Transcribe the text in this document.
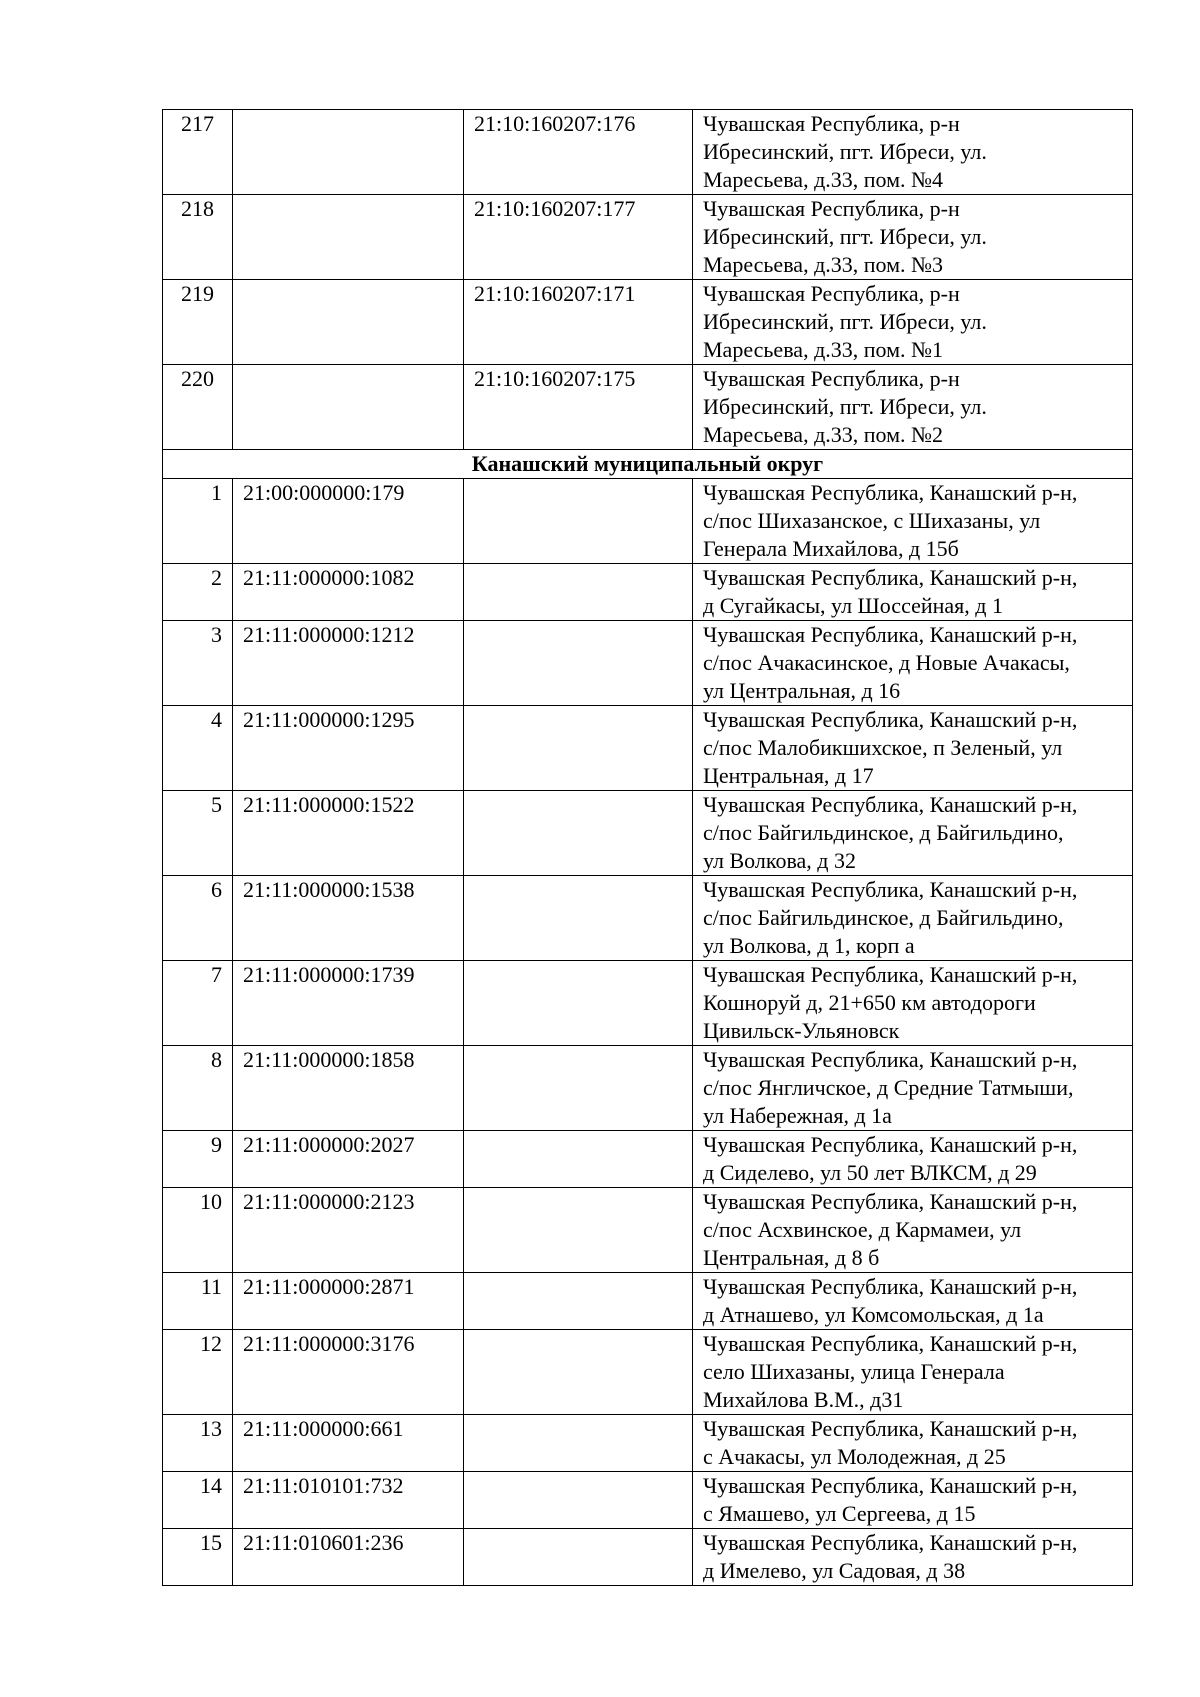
217		21:10:160207:176	Чувашская Республика, р-н
Ибресинский, пгт. Ибреси, ул.
Маресьева, д.33, пом. №4
218		21:10:160207:177	Чувашская Республика, р-н
Ибресинский, пгт. Ибреси, ул.
Маресьева, д.33, пом. №3
219		21:10:160207:171	Чувашская Республика, р-н
Ибресинский, пгт. Ибреси, ул.
Маресьева, д.33, пом. №1
220		21:10:160207:175	Чувашская Республика, р-н
Ибресинский, пгт. Ибреси, ул.
Маресьева, д.33, пом. №2
Канашский муниципальный округ			
1	21:00:000000:179		Чувашская Республика, Канашский р-н,
с/пос Шихазанское, с Шихазаны, ул
Генерала Михайлова, д 15б
2	21:11:000000:1082		Чувашская Республика, Канашский р-н,
д Сугайкасы, ул Шоссейная, д 1
3	21:11:000000:1212		Чувашская Республика, Канашский р-н,
с/пос Ачакасинское, д Новые Ачакасы,
ул Центральная, д 16
4	21:11:000000:1295		Чувашская Республика, Канашский р-н,
с/пос Малобикшихское, п Зеленый, ул
Центральная, д 17
5	21:11:000000:1522		Чувашская Республика, Канашский р-н,
с/пос Байгильдинское, д Байгильдино,
ул Волкова, д 32
6	21:11:000000:1538		Чувашская Республика, Канашский р-н,
с/пос Байгильдинское, д Байгильдино,
ул Волкова, д 1, корп а
7	21:11:000000:1739		Чувашская Республика, Канашский р-н,
Кошноруй д, 21+650 км автодороги
Цивильск-Ульяновск
8	21:11:000000:1858		Чувашская Республика, Канашский р-н,
с/пос Янгличское, д Средние Татмыши,
ул Набережная, д 1а
9	21:11:000000:2027		Чувашская Республика, Канашский р-н,
д Сиделево, ул 50 лет ВЛКСМ, д 29
10	21:11:000000:2123		Чувашская Республика, Канашский р-н,
с/пос Асхвинское, д Кармамеи, ул
Центральная, д 8 б
11	21:11:000000:2871		Чувашская Республика, Канашский р-н,
д Атнашево, ул Комсомольская, д 1а
12	21:11:000000:3176		Чувашская Республика, Канашский р-н,
село Шихазаны, улица Генерала
Михайлова В.М., д31
13	21:11:000000:661		Чувашская Республика, Канашский р-н,
с Ачакасы, ул Молодежная, д 25
14	21:11:010101:732		Чувашская Республика, Канашский р-н,
с Ямашево, ул Сергеева, д 15
15	21:11:010601:236		Чувашская Республика, Канашский р-н,
д Имелево, ул Садовая, д 38
